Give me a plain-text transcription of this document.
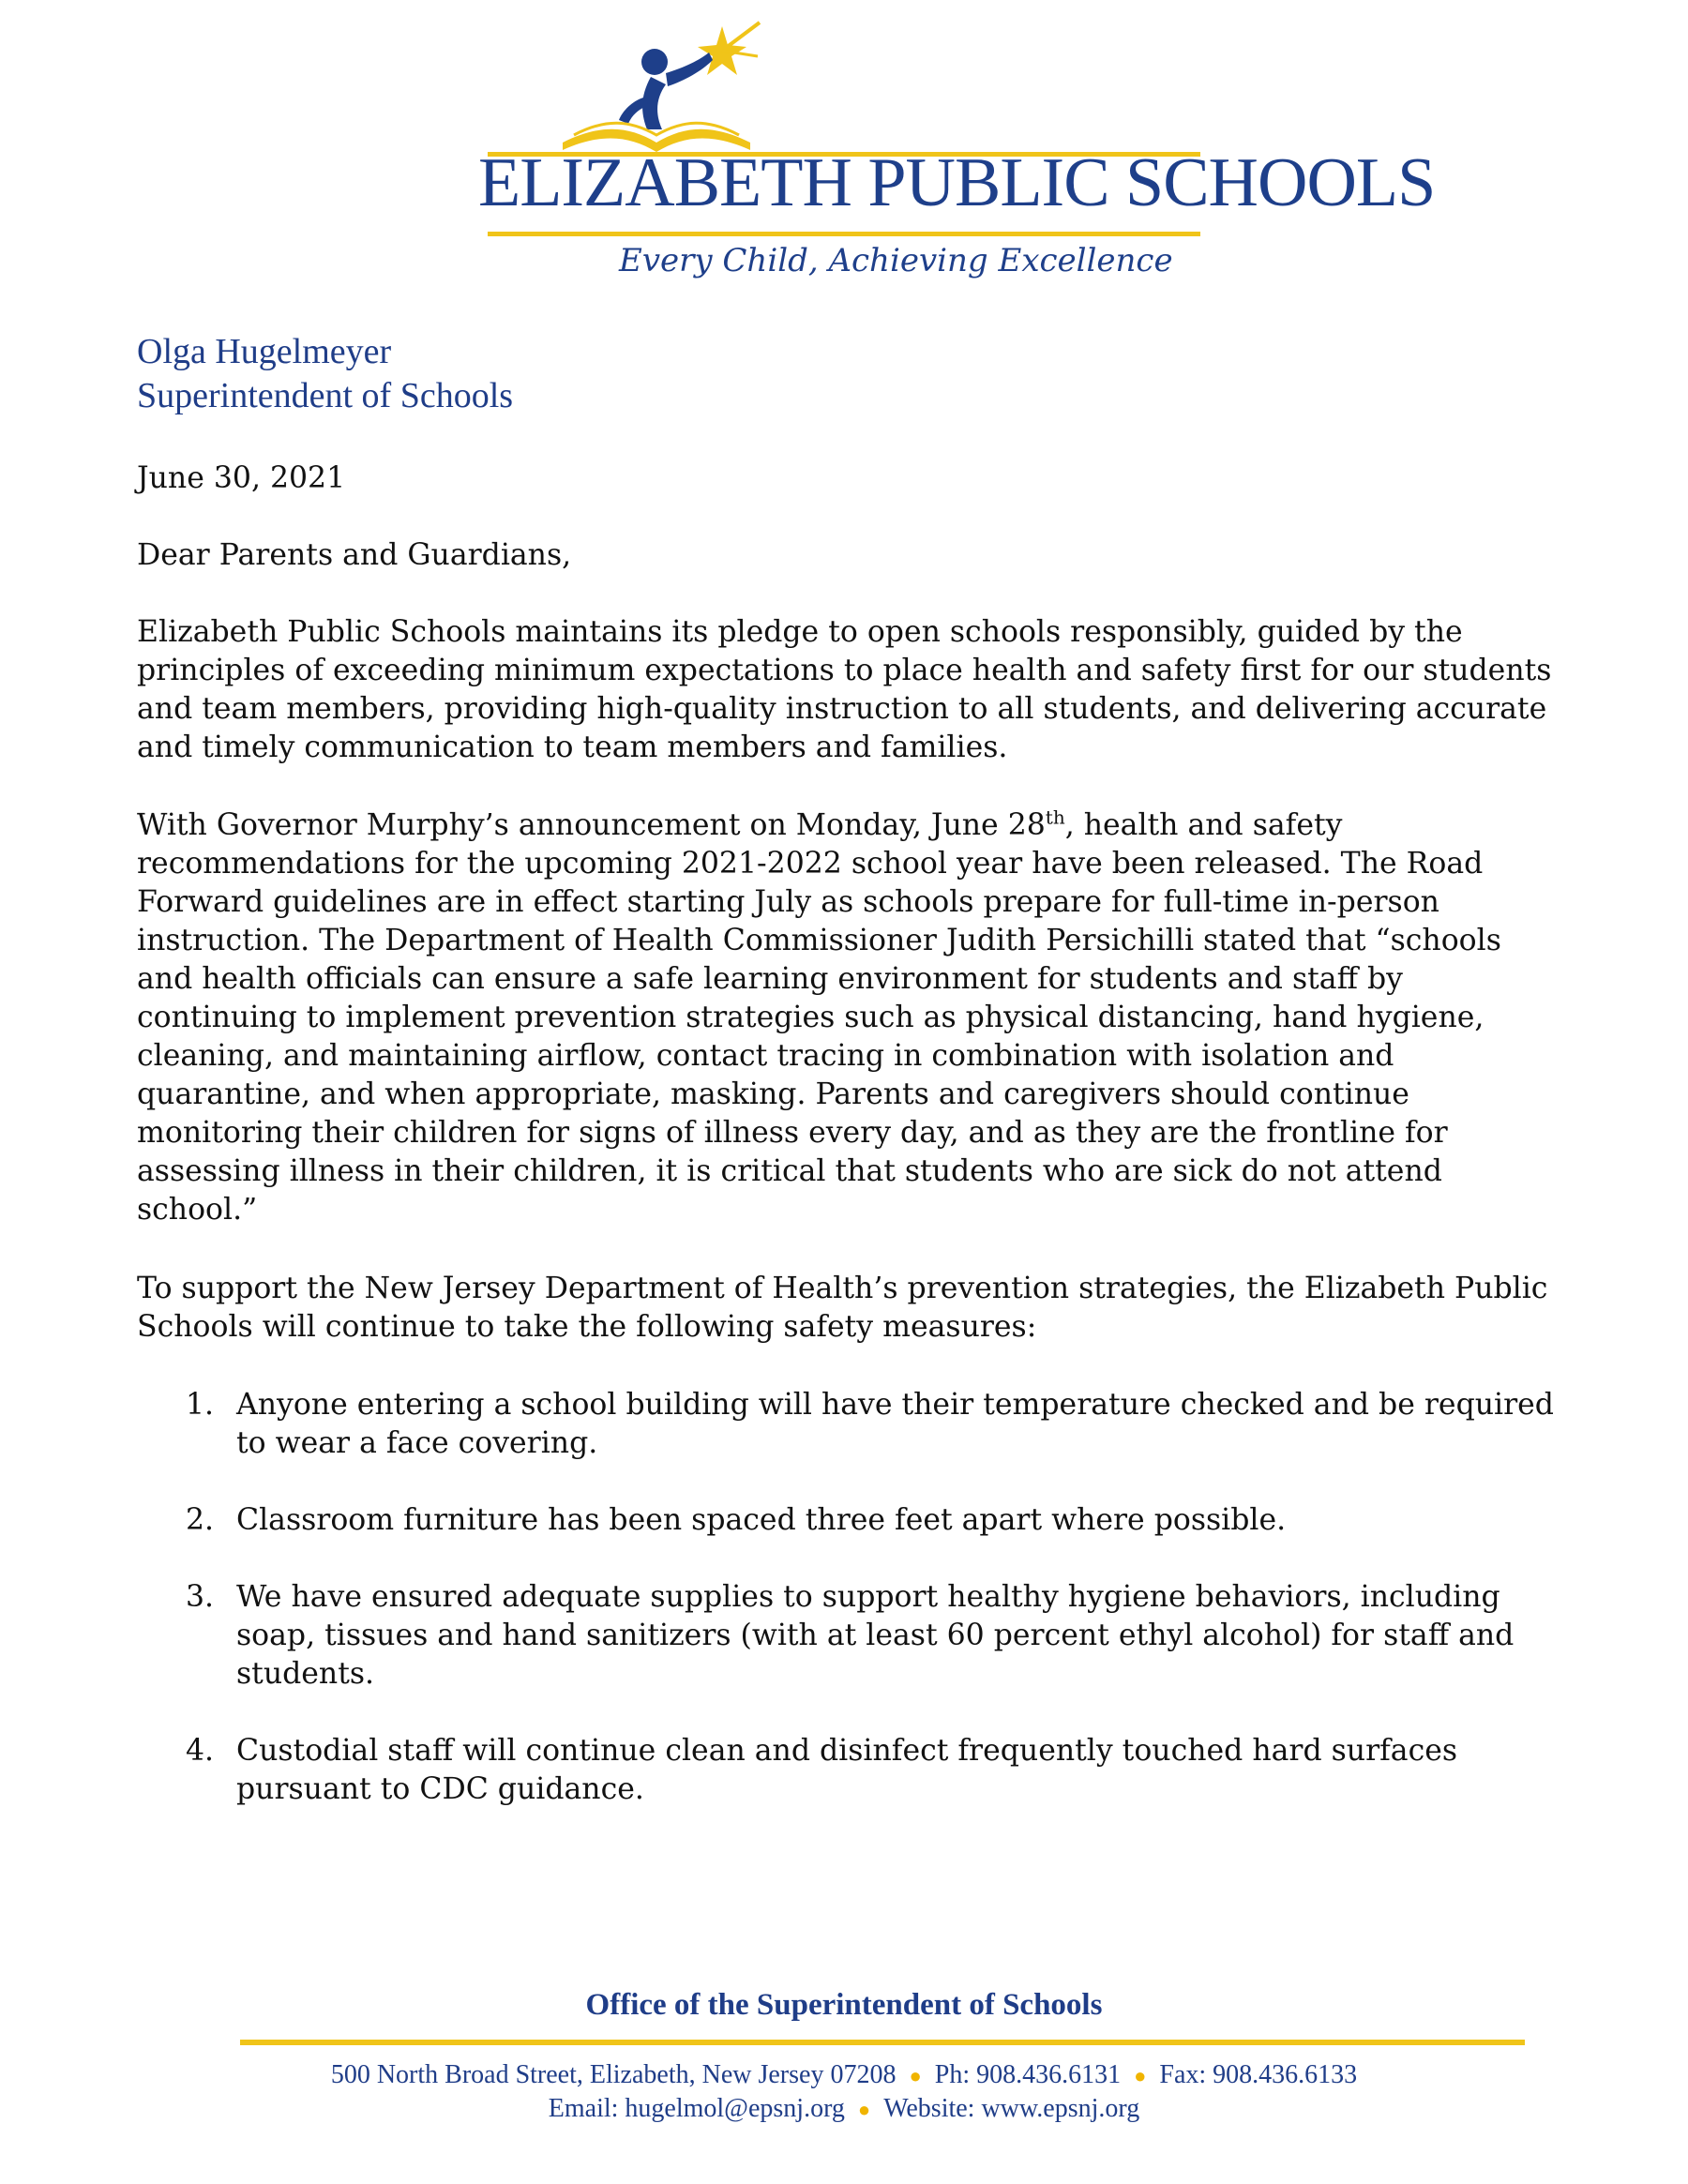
ELIZABETH PUBLIC SCHOOLS
Every Child, Achieving Excellence
Olga Hugelmeyer
Superintendent of Schools
June 30, 2021
Dear Parents and Guardians,
Elizabeth Public Schools maintains its pledge to open schools responsibly, guided by the principles of exceeding minimum expectations to place health and safety first for our students and team members, providing high-quality instruction to all students, and delivering accurate and timely communication to team members and families.
With Governor Murphy’s announcement on Monday, June 28th, health and safety recommendations for the upcoming 2021-2022 school year have been released. The Road Forward guidelines are in effect starting July as schools prepare for full-time in-person instruction. The Department of Health Commissioner Judith Persichilli stated that “schools and health officials can ensure a safe learning environment for students and staff by continuing to implement prevention strategies such as physical distancing, hand hygiene, cleaning, and maintaining airflow, contact tracing in combination with isolation and quarantine, and when appropriate, masking. Parents and caregivers should continue monitoring their children for signs of illness every day, and as they are the frontline for assessing illness in their children, it is critical that students who are sick do not attend school.”
To support the New Jersey Department of Health’s prevention strategies, the Elizabeth Public Schools will continue to take the following safety measures:
1. Anyone entering a school building will have their temperature checked and be required to wear a face covering.
2. Classroom furniture has been spaced three feet apart where possible.
3. We have ensured adequate supplies to support healthy hygiene behaviors, including soap, tissues and hand sanitizers (with at least 60 percent ethyl alcohol) for staff and students.
4. Custodial staff will continue clean and disinfect frequently touched hard surfaces pursuant to CDC guidance.
Office of the Superintendent of Schools
500 North Broad Street, Elizabeth, New Jersey 07208 ● Ph: 908.436.6131 ● Fax: 908.436.6133
Email: hugelmol@epsnj.org ● Website: www.epsnj.org
